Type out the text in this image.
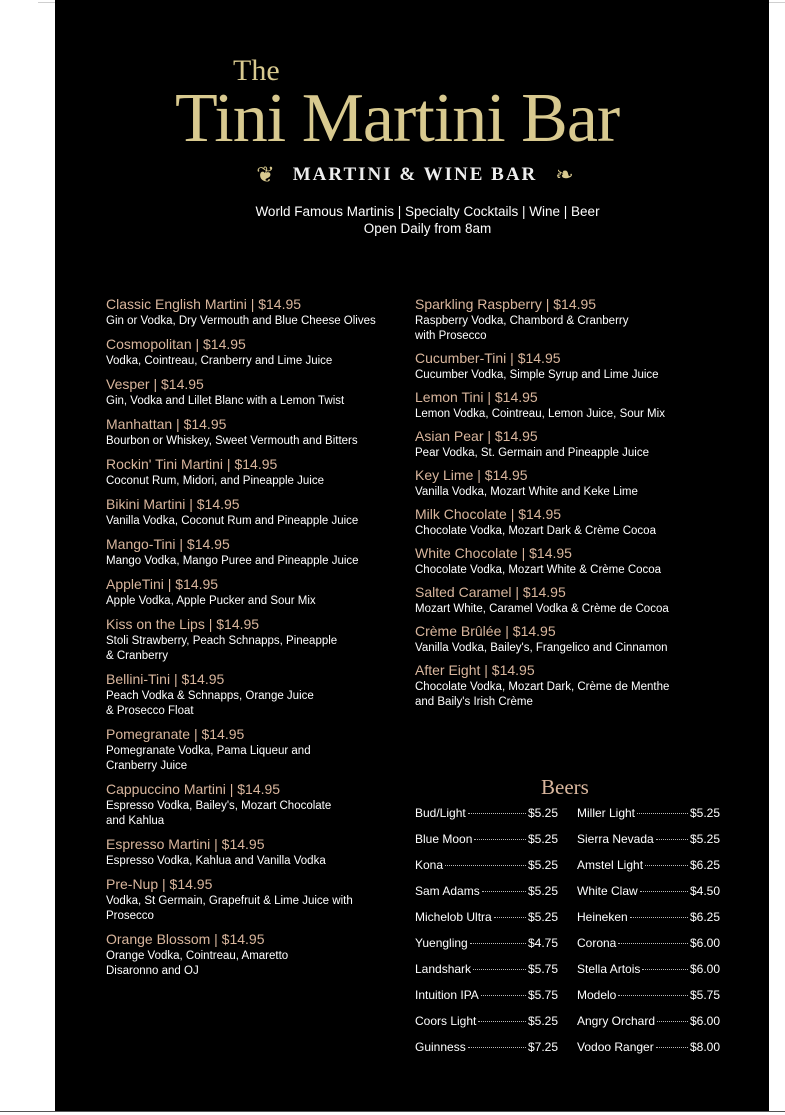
The
Tini Martini Bar
❦ MARTINI & WINE BAR ❧
World Famous Martinis | Specialty Cocktails | Wine | Beer
Open Daily from 8am
Classic English Martini | $14.95
Gin or Vodka, Dry Vermouth and Blue Cheese Olives
Cosmopolitan | $14.95
Vodka, Cointreau, Cranberry and Lime Juice
Vesper | $14.95
Gin, Vodka and Lillet Blanc with a Lemon Twist
Manhattan | $14.95
Bourbon or Whiskey, Sweet Vermouth and Bitters
Rockin' Tini Martini | $14.95
Coconut Rum, Midori, and Pineapple Juice
Bikini Martini | $14.95
Vanilla Vodka, Coconut Rum and Pineapple Juice
Mango-Tini | $14.95
Mango Vodka, Mango Puree and Pineapple Juice
AppleTini | $14.95
Apple Vodka, Apple Pucker and Sour Mix
Kiss on the Lips | $14.95
Stoli Strawberry, Peach Schnapps, Pineapple
& Cranberry
Bellini-Tini | $14.95
Peach Vodka & Schnapps, Orange Juice
& Prosecco Float
Pomegranate | $14.95
Pomegranate Vodka, Pama Liqueur and
Cranberry Juice
Cappuccino Martini | $14.95
Espresso Vodka, Bailey's, Mozart Chocolate
and Kahlua
Espresso Martini | $14.95
Espresso Vodka, Kahlua and Vanilla Vodka
Pre-Nup | $14.95
Vodka, St Germain, Grapefruit & Lime Juice with
Prosecco
Orange Blossom | $14.95
Orange Vodka, Cointreau, Amaretto
Disaronno and OJ
Sparkling Raspberry | $14.95
Raspberry Vodka, Chambord & Cranberry
with Prosecco
Cucumber-Tini | $14.95
Cucumber Vodka, Simple Syrup and Lime Juice
Lemon Tini | $14.95
Lemon Vodka, Cointreau, Lemon Juice, Sour Mix
Asian Pear | $14.95
Pear Vodka, St. Germain and Pineapple Juice
Key Lime | $14.95
Vanilla Vodka, Mozart White and Keke Lime
Milk Chocolate | $14.95
Chocolate Vodka, Mozart Dark & Crème Cocoa
White Chocolate | $14.95
Chocolate Vodka, Mozart White & Crème Cocoa
Salted Caramel | $14.95
Mozart White, Caramel Vodka & Crème de Cocoa
Crème Brûlée | $14.95
Vanilla Vodka, Bailey's, Frangelico and Cinnamon
After Eight | $14.95
Chocolate Vodka, Mozart Dark, Crème de Menthe
and Baily's Irish Crème
Beers
Bud/Light	$5.25
Blue Moon	$5.25
Kona	$5.25
Sam Adams	$5.25
Michelob Ultra	$5.25
Yuengling	$4.75
Landshark	$5.75
Intuition IPA	$5.75
Coors Light	$5.25
Guinness	$7.25
Miller Light	$5.25
Sierra Nevada	$5.25
Amstel Light	$6.25
White Claw	$4.50
Heineken	$6.25
Corona	$6.00
Stella Artois	$6.00
Modelo	$5.75
Angry Orchard	$6.00
Vodoo Ranger	$8.00
